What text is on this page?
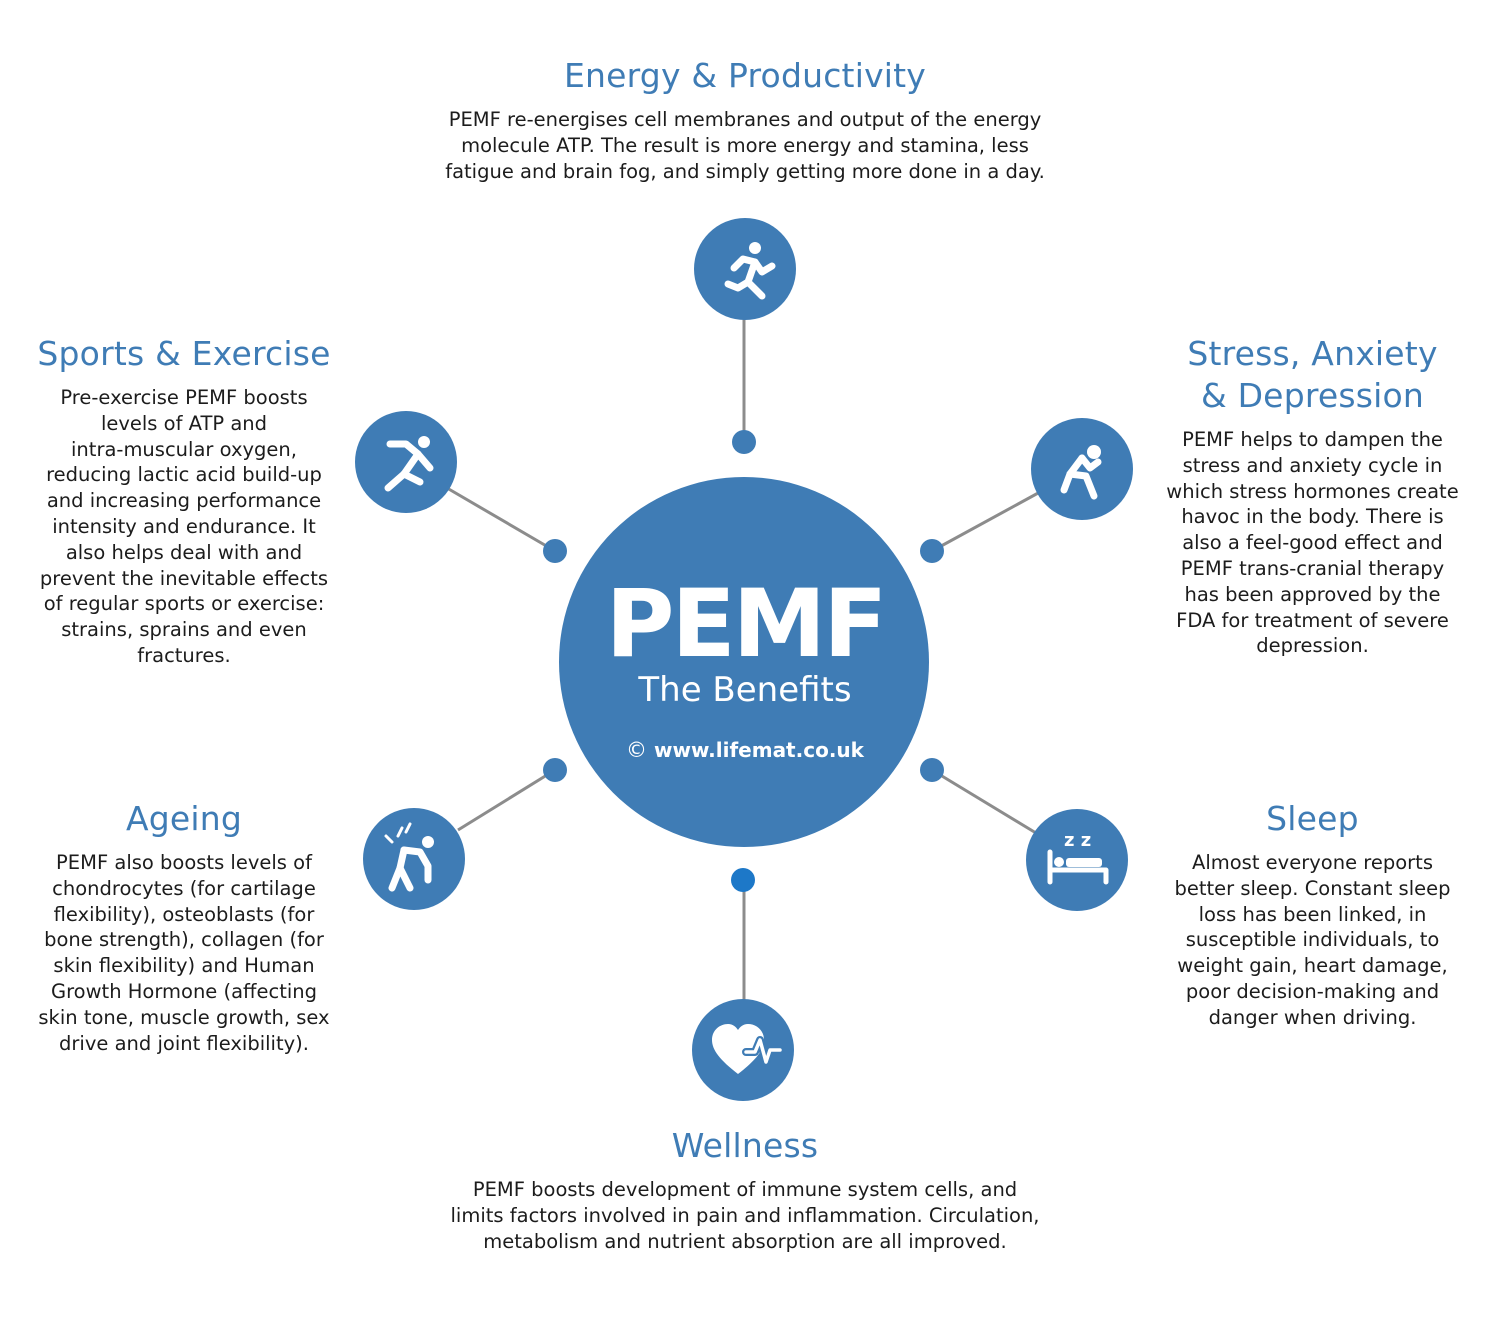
z z
PEMF
The Benefits
© www.lifemat.co.uk
Energy & Productivity
PEMF re-energises cell membranes and output of the energy
molecule ATP. The result is more energy and stamina, less
fatigue and brain fog, and simply getting more done in a day.
Sports & Exercise
Pre-exercise PEMF boosts
levels of ATP and
intra-muscular oxygen,
reducing lactic acid build-up
and increasing performance
intensity and endurance. It
also helps deal with and
prevent the inevitable effects
of regular sports or exercise:
strains, sprains and even
fractures.
Stress, Anxiety
& Depression
PEMF helps to dampen the
stress and anxiety cycle in
which stress hormones create
havoc in the body. There is
also a feel-good effect and
PEMF trans-cranial therapy
has been approved by the
FDA for treatment of severe
depression.
Ageing
PEMF also boosts levels of
chondrocytes (for cartilage
flexibility), osteoblasts (for
bone strength), collagen (for
skin flexibility) and Human
Growth Hormone (affecting
skin tone, muscle growth, sex
drive and joint flexibility).
Sleep
Almost everyone reports
better sleep. Constant sleep
loss has been linked, in
susceptible individuals, to
weight gain, heart damage,
poor decision-making and
danger when driving.
Wellness
PEMF boosts development of immune system cells, and
limits factors involved in pain and inflammation. Circulation,
metabolism and nutrient absorption are all improved.
